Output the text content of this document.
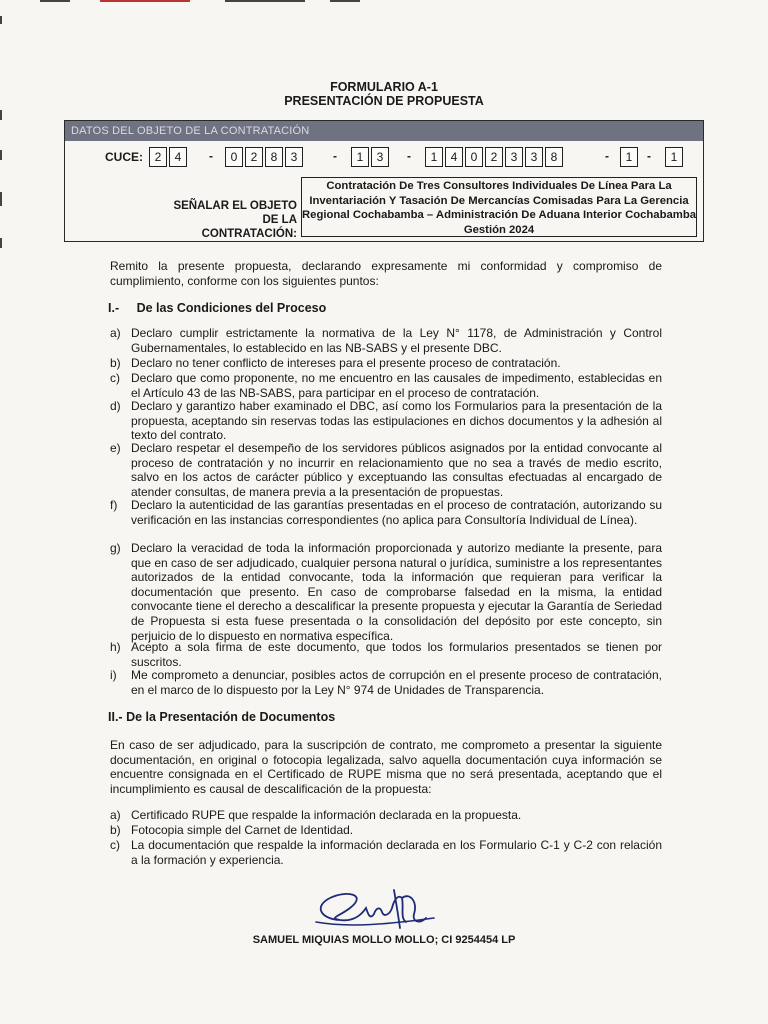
FORMULARIO A-1
PRESENTACIÓN DE PROPUESTA
DATOS DEL OBJETO DE LA CONTRATACIÓN
CUCE: 2	4	-	0	2	8	3	-	1	3	-	1	4	0	2	3	3	8	-	1	-	1
SEÑALAR EL OBJETO DE LA
CONTRATACIÓN:
Contratación De Tres Consultores Individuales De Línea Para La Inventariación Y Tasación De Mercancías Comisadas Para La Gerencia Regional Cochabamba – Administración De Aduana Interior Cochabamba Gestión 2024
Remito la presente propuesta, declarando expresamente mi conformidad y compromiso de cumplimiento, conforme con los siguientes puntos:
I.- De las Condiciones del Proceso
a) Declaro cumplir estrictamente la normativa de la Ley N° 1178, de Administración y Control Gubernamentales, lo establecido en las NB-SABS y el presente DBC.
b) Declaro no tener conflicto de intereses para el presente proceso de contratación.
c) Declaro que como proponente, no me encuentro en las causales de impedimento, establecidas en el Artículo 43 de las NB-SABS, para participar en el proceso de contratación.
d) Declaro y garantizo haber examinado el DBC, así como los Formularios para la presentación de la propuesta, aceptando sin reservas todas las estipulaciones en dichos documentos y la adhesión al texto del contrato.
e) Declaro respetar el desempeño de los servidores públicos asignados por la entidad convocante al proceso de contratación y no incurrir en relacionamiento que no sea a través de medio escrito, salvo en los actos de carácter público y exceptuando las consultas efectuadas al encargado de atender consultas, de manera previa a la presentación de propuestas.
f) Declaro la autenticidad de las garantías presentadas en el proceso de contratación, autorizando su verificación en las instancias correspondientes (no aplica para Consultoría Individual de Línea).
g) Declaro la veracidad de toda la información proporcionada y autorizo mediante la presente, para que en caso de ser adjudicado, cualquier persona natural o jurídica, suministre a los representantes autorizados de la entidad convocante, toda la información que requieran para verificar la documentación que presento. En caso de comprobarse falsedad en la misma, la entidad convocante tiene el derecho a descalificar la presente propuesta y ejecutar la Garantía de Seriedad de Propuesta si esta fuese presentada o la consolidación del depósito por este concepto, sin perjuicio de lo dispuesto en normativa específica.
h) Acepto a sola firma de este documento, que todos los formularios presentados se tienen por suscritos.
i) Me comprometo a denunciar, posibles actos de corrupción en el presente proceso de contratación, en el marco de lo dispuesto por la Ley N° 974 de Unidades de Transparencia.
II.- De la Presentación de Documentos
En caso de ser adjudicado, para la suscripción de contrato, me comprometo a presentar la siguiente documentación, en original o fotocopia legalizada, salvo aquella documentación cuya información se encuentre consignada en el Certificado de RUPE misma que no será presentada, aceptando que el incumplimiento es causal de descalificación de la propuesta:
a) Certificado RUPE que respalde la información declarada en la propuesta.
b) Fotocopia simple del Carnet de Identidad.
c) La documentación que respalde la información declarada en los Formulario C-1 y C-2 con relación a la formación y experiencia.
SAMUEL MIQUIAS MOLLO MOLLO; CI 9254454 LP
